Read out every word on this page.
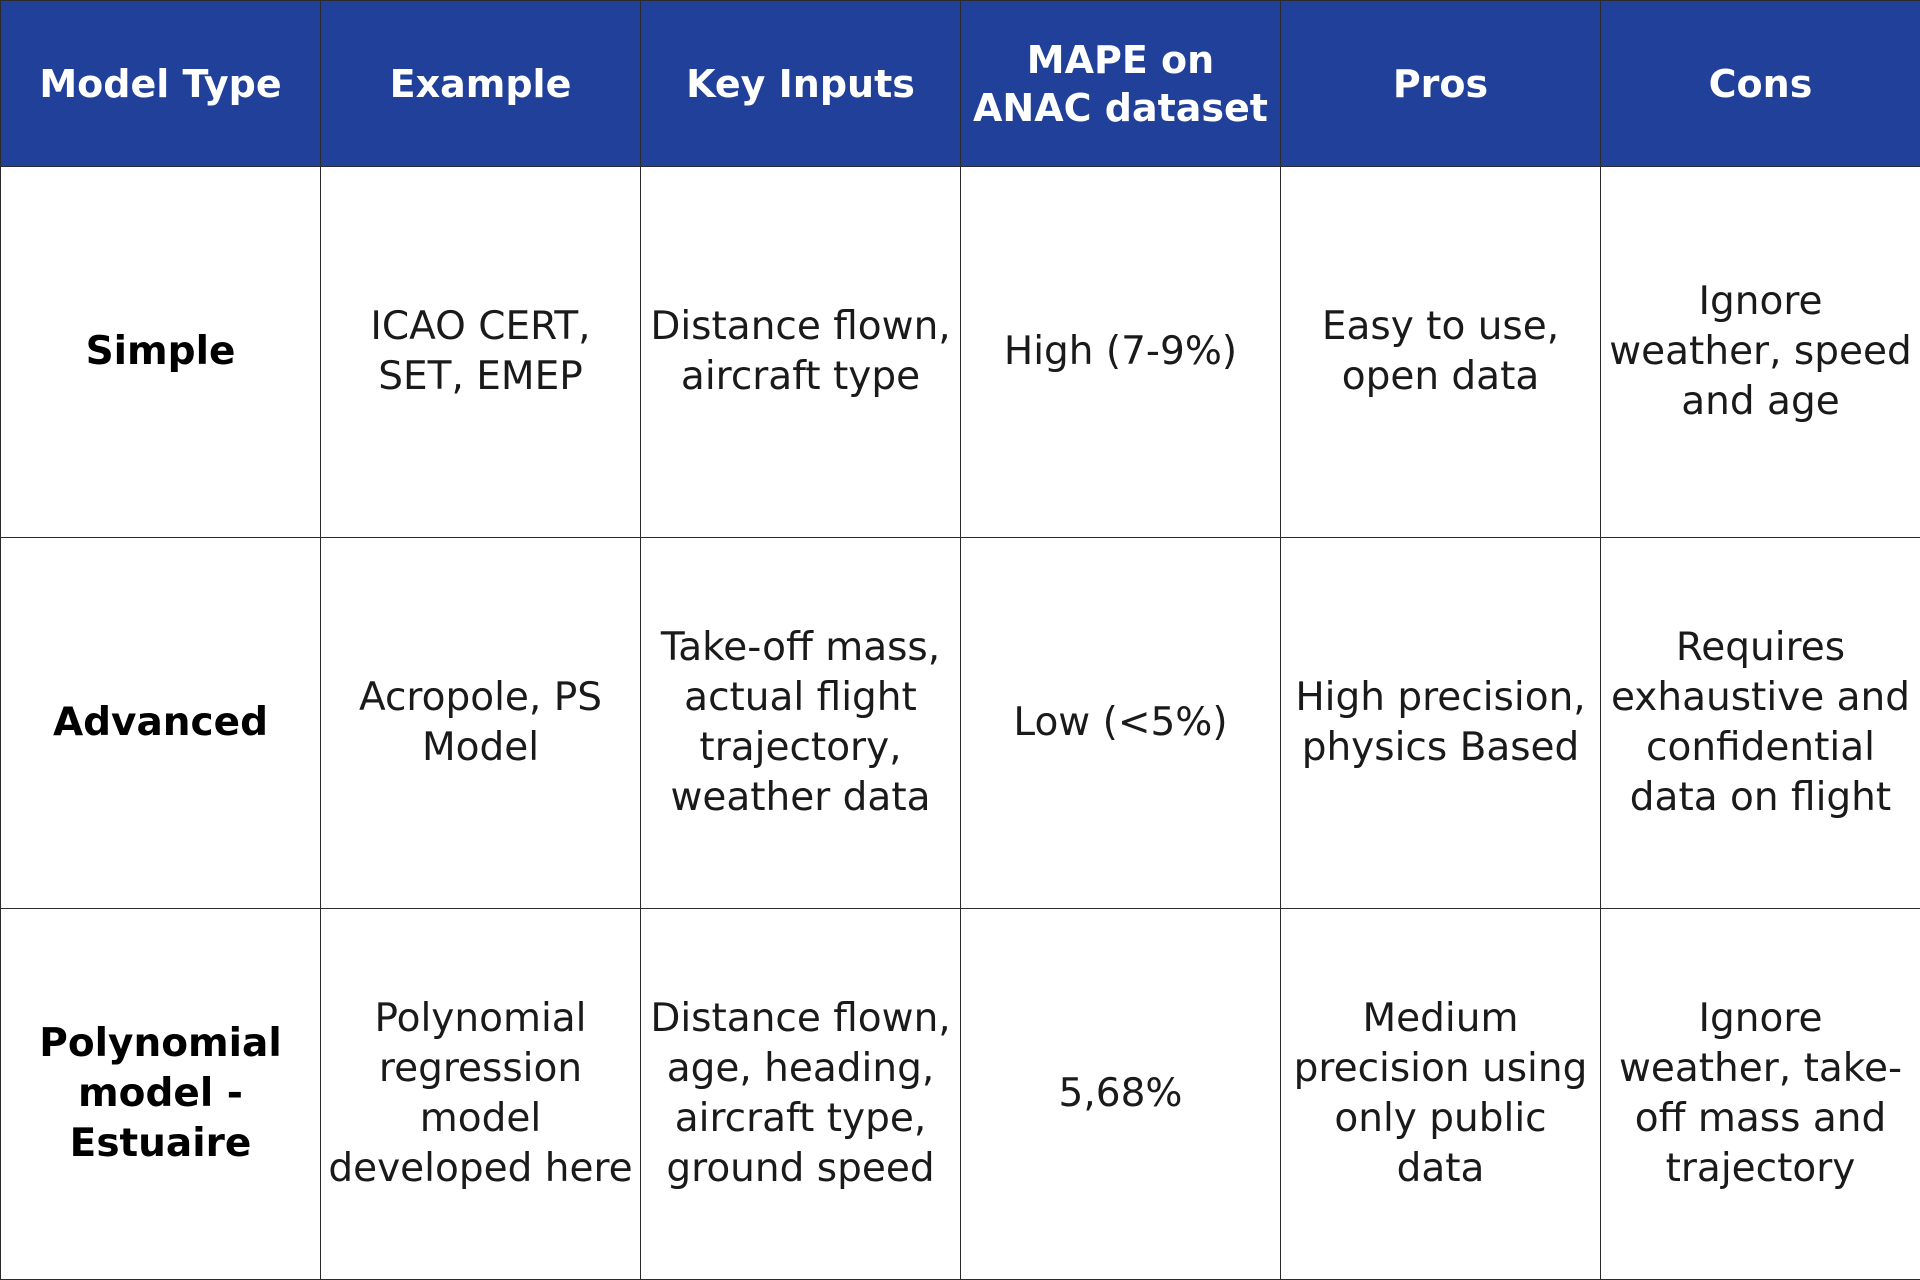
Model Type	Example	Key Inputs	MAPE on ANAC dataset	Pros	Cons
Simple	ICAO CERT, SET, EMEP	Distance flown, aircraft type	High (7-9%)	Easy to use, open data	Ignore weather, speed and age
Advanced	Acropole, PS Model	Take-off mass, actual flight trajectory, weather data	Low (<5%)	High precision, physics Based	Requires exhaustive and confidential data on flight
Polynomial model - Estuaire	Polynomial regression model developed here	Distance flown, age, heading, aircraft type, ground speed	5,68%	Medium precision using only public data	Ignore weather, take-off mass and trajectory
